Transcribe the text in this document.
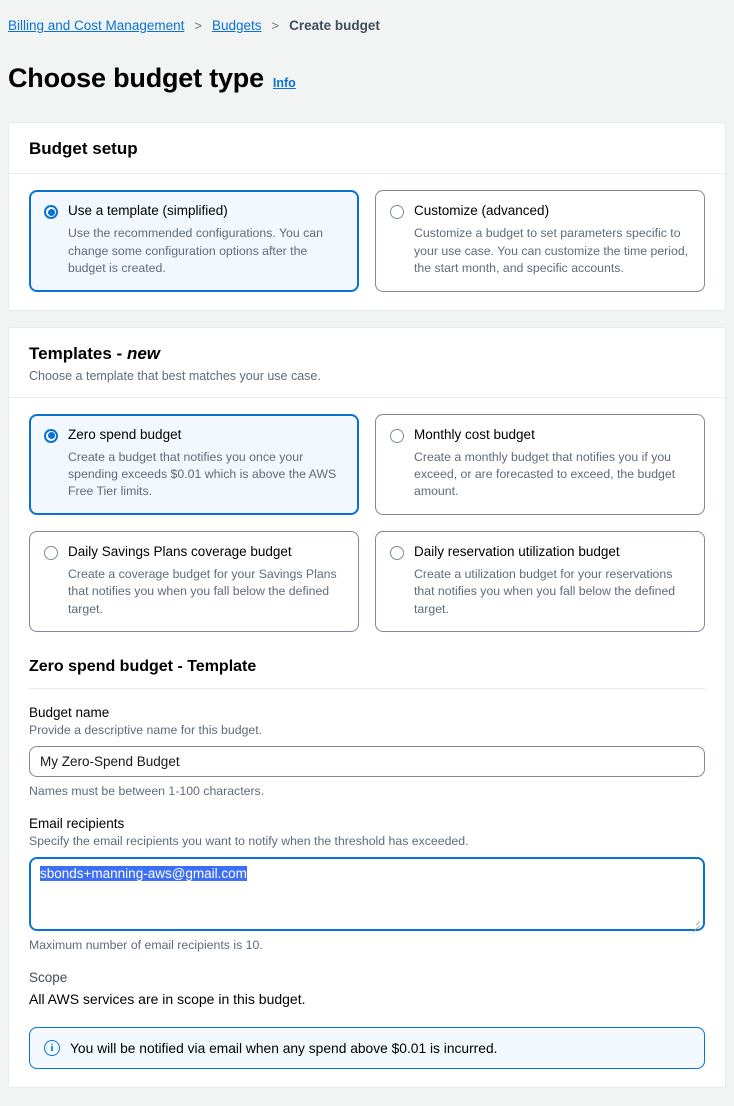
Billing and Cost Management > Budgets > Create budget
Choose budget type Info
Budget setup
Use a template (simplified)
Use the recommended configurations. You can change some configuration options after the budget is created.
Customize (advanced)
Customize a budget to set parameters specific to your use case. You can customize the time period, the start month, and specific accounts.
Templates - new
Choose a template that best matches your use case.
Zero spend budget
Create a budget that notifies you once your spending exceeds $0.01 which is above the AWS Free Tier limits.
Monthly cost budget
Create a monthly budget that notifies you if you exceed, or are forecasted to exceed, the budget amount.
Daily Savings Plans coverage budget
Create a coverage budget for your Savings Plans that notifies you when you fall below the defined target.
Daily reservation utilization budget
Create a utilization budget for your reservations that notifies you when you fall below the defined target.
Zero spend budget - Template
Budget name
Provide a descriptive name for this budget.
My Zero-Spend Budget
Names must be between 1-100 characters.
Email recipients
Specify the email recipients you want to notify when the threshold has exceeded.
sbonds+manning-aws@gmail.com
Maximum number of email recipients is 10.
Scope
All AWS services are in scope in this budget.
i	You will be notified via email when any spend above $0.01 is incurred.
